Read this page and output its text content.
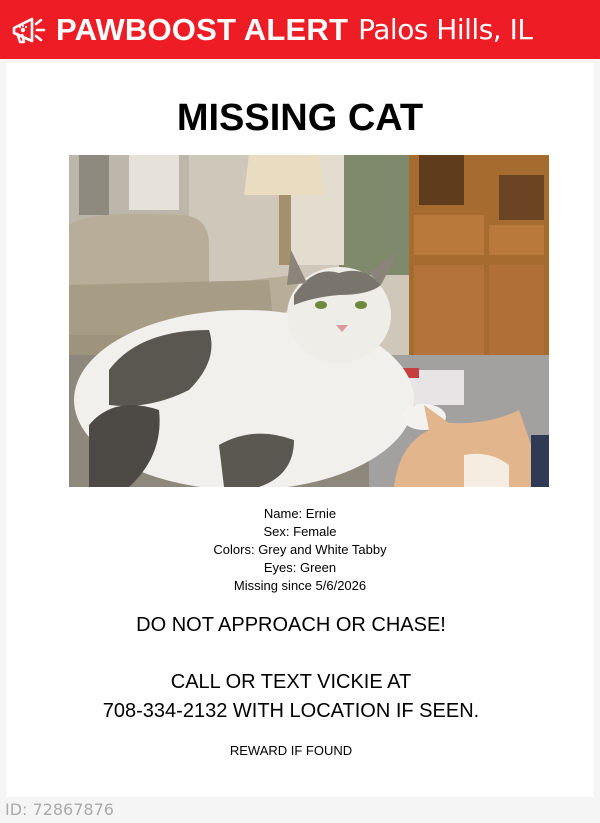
PAWBOOST ALERT Palos Hills, IL
MISSING CAT
Name: Ernie
Sex: Female
Colors: Grey and White Tabby
Eyes: Green
Missing since 5/6/2026
DO NOT APPROACH OR CHASE!
CALL OR TEXT VICKIE AT
708-334-2132 WITH LOCATION IF SEEN.
REWARD IF FOUND
ID: 72867876
